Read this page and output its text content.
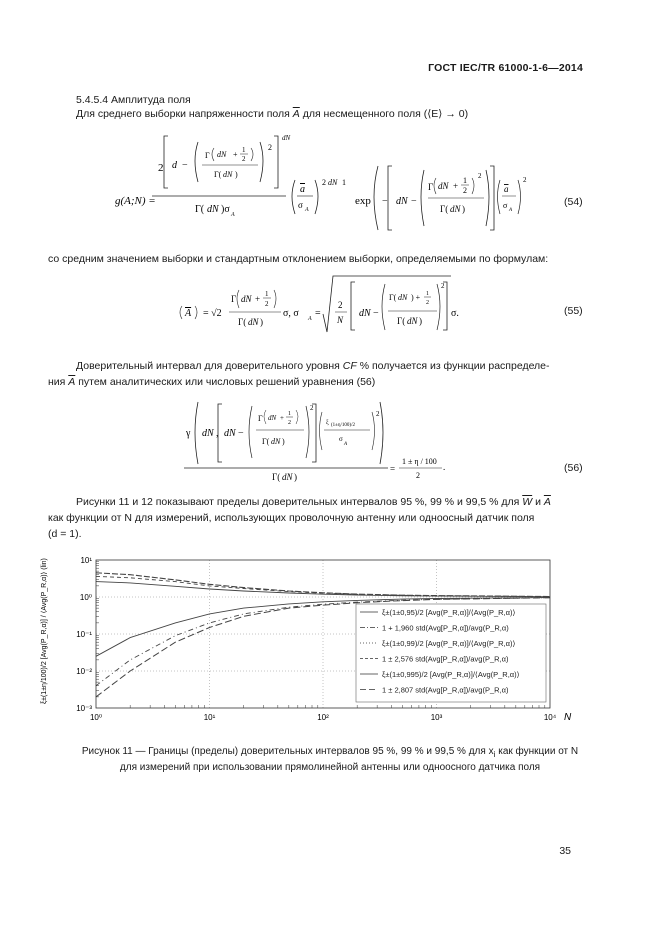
ГОСТ IEC/TR 61000-1-6—2014
5.4.5.4 Амплитуда поля
Для среднего выборки напряженности поля $\overline{A}$ для несмещенного поля (⟨E⟩ → 0)
g(A;N) =
2 d −
Γ dN + 1
2
Γ( dN )
2
dN
Γ( dN )σ A
a
σ A
2 dN 1
exp − dN −
Γ dN +
1
2
2
Γ( dN )
a
σ
A
2
(54)
со средним значением выборки и стандартным отклонением выборки, определяемыми по формулам:
A = √2
Γ dN + 1
2
Γ( dN )
σ, σ A =
2
N
dN −
Γ( dN ) + 1
2
Γ( dN )
2
σ.	(55)
Доверительный интервал для доверительного уровня CF % получается из функции распределе-
ния $\overline{A}$ путем аналитических или числовых решений уравнения (56)
γ dN , dN −
Γ dN + 1
2
Γ( dN )
2
ξ (1±η/100)/2
σ
A
2
Γ( dN )
=
1 ± η / 100
2
.	(56)
Рисунки 11 и 12 показывают пределы доверительных интервалов 95 %, 99 % и 99,5 % для $\overline{W}$ и $\overline{A}$
как функции от N для измерений, использующих проволочную антенну или одноосный датчик поля
(d = 1).
10⁰	10¹	10²	10³	10⁴
10⁻³
10⁻²
10⁻¹
10⁰
10¹
ξ±(1±0,95)/2 [Avg(P_R,α)]/⟨Avg(P_R,α)⟩
1 + 1,960 std(Avg[P_R,α])/avg(P_R,α)
ξ±(1±0,99)/2 [Avg(P_R,α)]/⟨Avg(P_R,α)⟩
1 ± 2,576 std(Avg[P_R,α])/avg(P_R,α)
ξ±(1±0,995)/2 [Avg(P_R,α)]/⟨Avg(P_R,α)⟩
1 ± 2,807 std(Avg[P_R,α])/avg(P_R,α)
N
ξ±(1±η/100)/2 [Avg(P_R,α)] / ⟨Avg(P_R,α)⟩ (lin)
Рисунок 11 — Границы (пределы) доверительных интервалов 95 %, 99 % и 99,5 % для $x_i$ как функции от N
для измерений при использовании прямолинейной антенны или одноосного датчика поля
35
